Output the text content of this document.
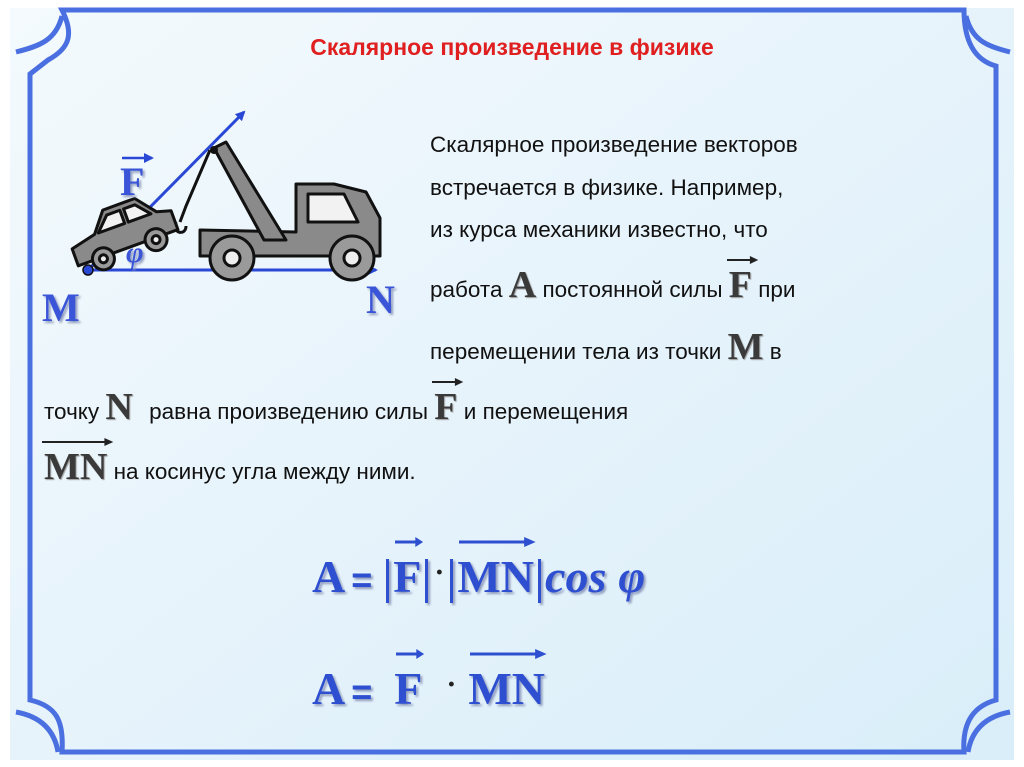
Скалярное произведение в физике
F
φ
M	N
Скалярное произведение векторов
встречается в физике. Например,
из курса механики известно, что
работа A постоянной силы F при
перемещении тела из точки M в
точку N равна произведению силы F и перемещения
MN на косинус угла между ними.
A = F · MN cos φ
A = F · MN
